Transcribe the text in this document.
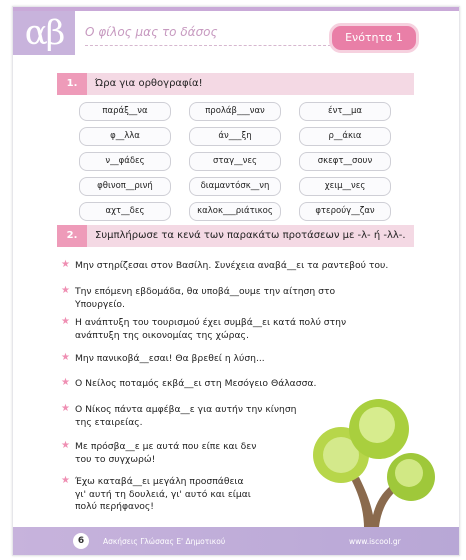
αβ	Ο φίλος μας το δάσος	Ενότητα 1
1.	Ώρα για ορθογραφία!
παράξ__να	προλάβ___ναν	έντ__μα
φ__λλα	άν___ξη	ρ__άκια
ν__φάδες	σταγ__νες	σκεφτ__σουν
φθινοπ__ρινή	διαμαντόσκ__νη	χειμ__νες
αχτ__δες	καλοκ___ριάτικος	φτερούγ__ζαν
2.	Συμπλήρωσε τα κενά των παρακάτω προτάσεων με -λ- ή -λλ-.
★ Μην στηρίζεσαι στον Βασίλη. Συνέχεια αναβά__ει τα ραντεβού του.
★ Την επόμενη εβδομάδα, θα υποβά__ουμε την αίτηση στο
Υπουργείο.
★ Η ανάπτυξη του τουρισμού έχει συμβά__ει κατά πολύ στην
ανάπτυξη της οικονομίας της χώρας.
★ Μην πανικοβά__εσαι! Θα βρεθεί η λύση...
★ Ο Νείλος ποταμός εκβά__ει στη Μεσόγειο Θάλασσα.
★ Ο Νίκος πάντα αμφέβα__ε για αυτήν την κίνηση
της εταιρείας.
★ Με πρόσβα__ε με αυτά που είπε και δεν
του το συγχωρώ!
★ Έχω καταβά__ει μεγάλη προσπάθεια
γι' αυτή τη δουλειά, γι' αυτό και είμαι
πολύ περήφανος!
6	Ασκήσεις Γλώσσας Ε' Δημοτικού	www.iscool.gr
